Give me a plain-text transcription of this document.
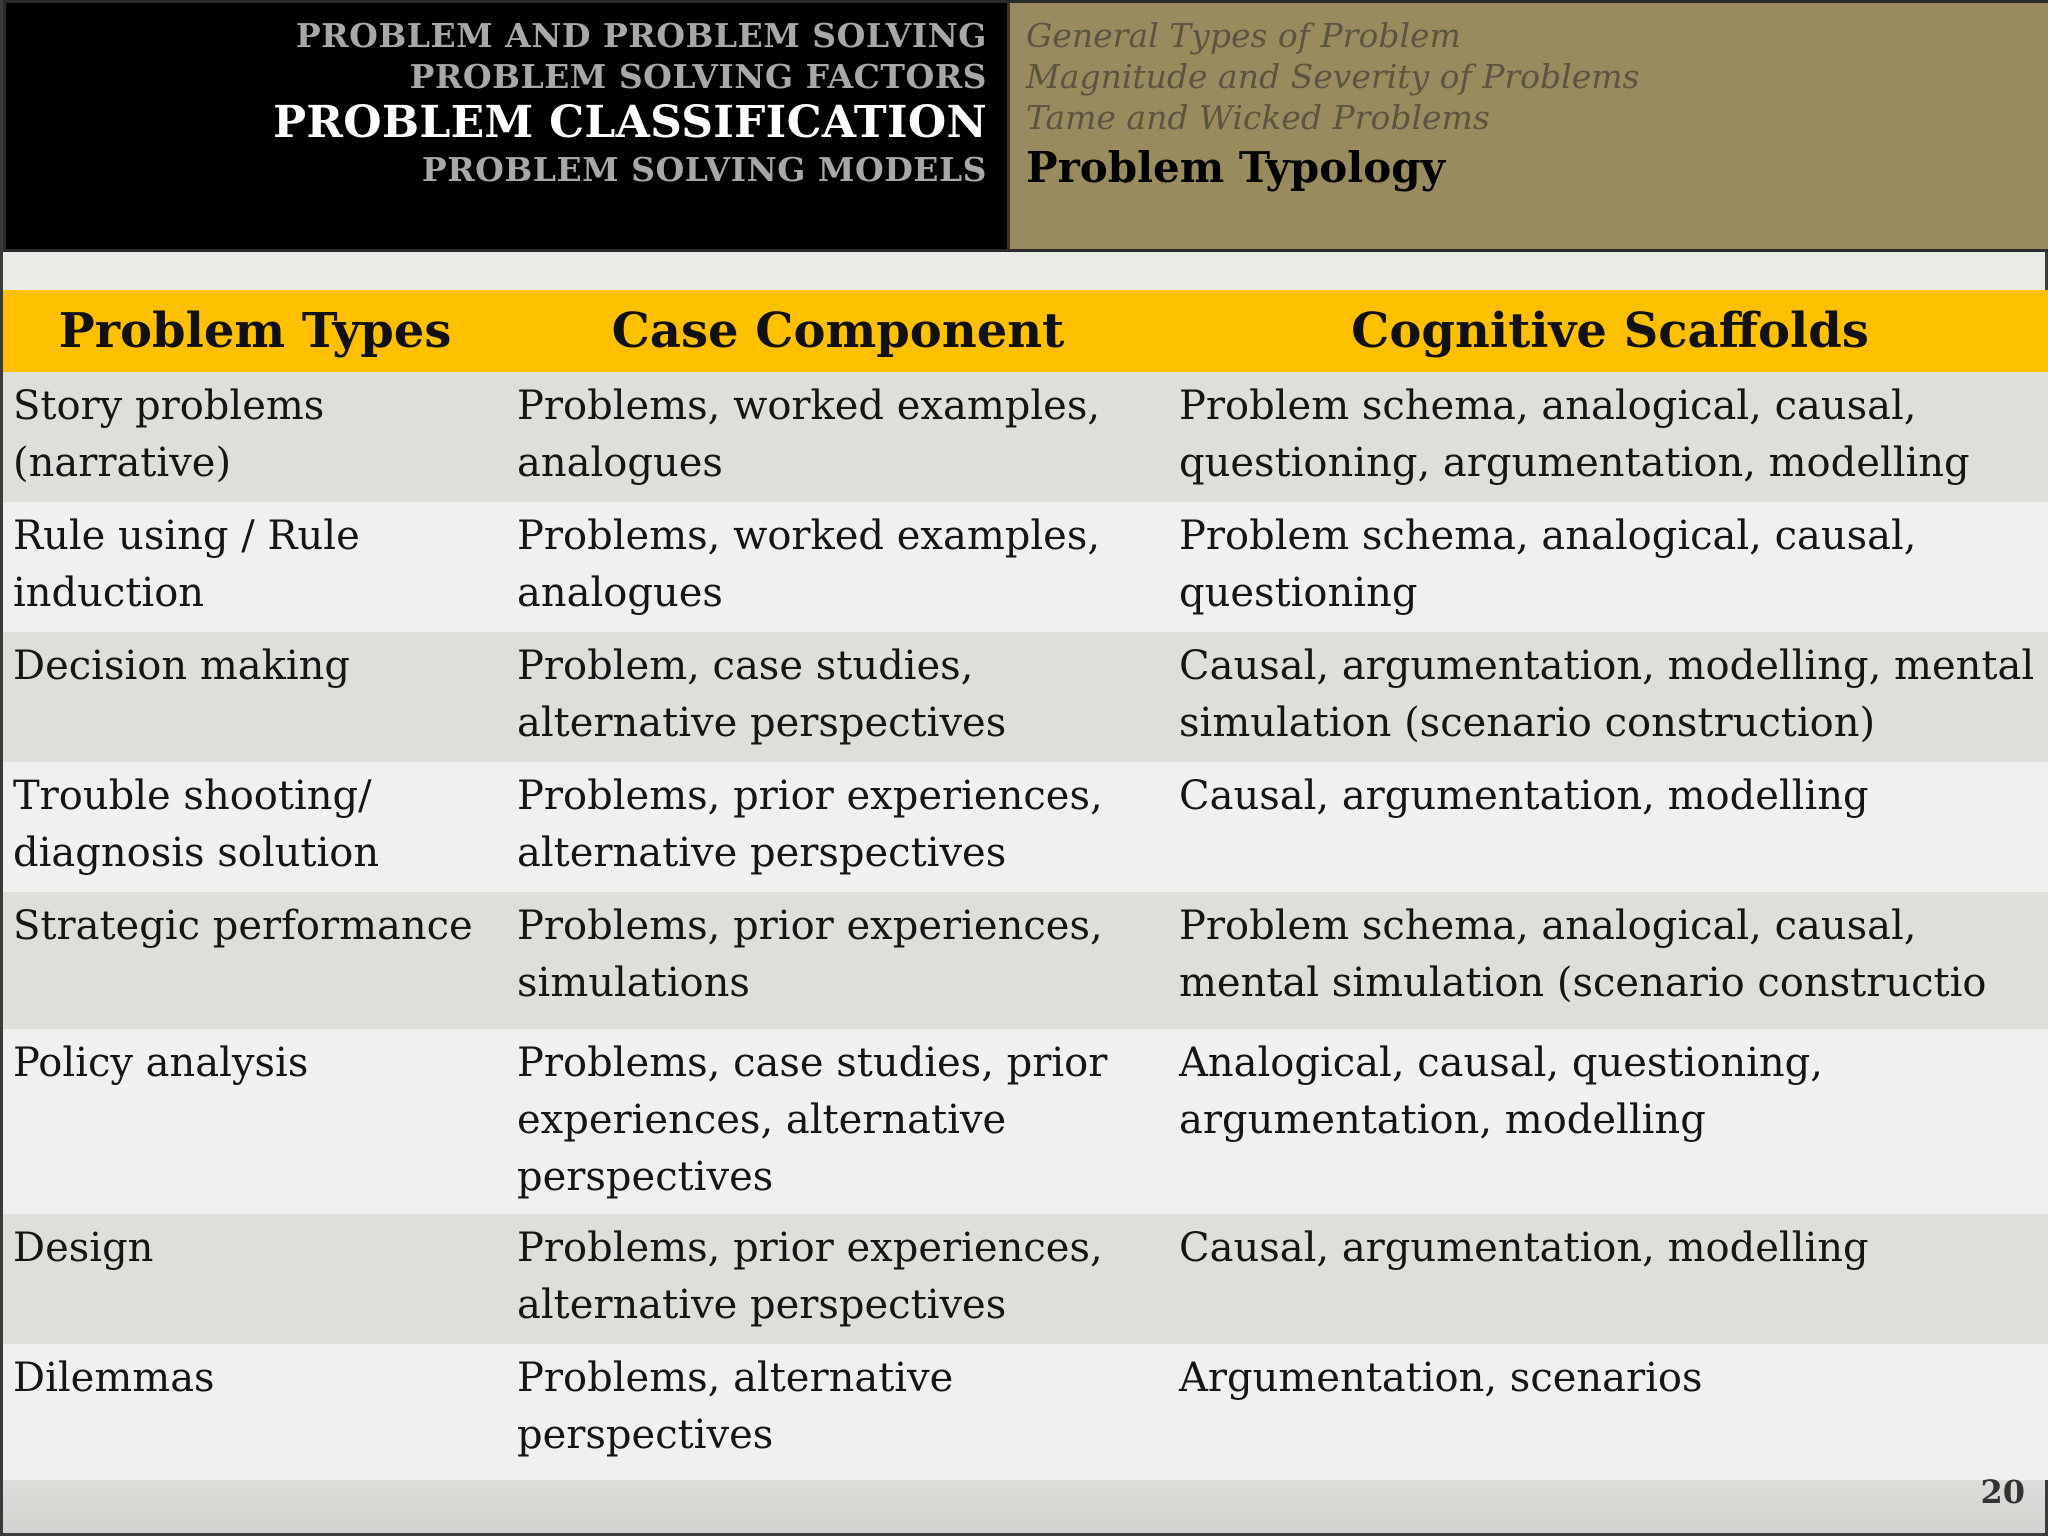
PROBLEM AND PROBLEM SOLVING
PROBLEM SOLVING FACTORS
PROBLEM CLASSIFICATION
PROBLEM SOLVING MODELS
General Types of Problem
Magnitude and Severity of Problems
Tame and Wicked Problems
Problem Typology
Problem Types	Case Component	Cognitive Scaffolds
Story problems (narrative)	Problems, worked examples, analogues	Problem schema, analogical, causal, questioning, argumentation, modelling
Rule using / Rule induction	Problems, worked examples, analogues	Problem schema, analogical, causal, questioning
Decision making	Problem, case studies, alternative perspectives	Causal, argumentation, modelling, mental simulation (scenario construction)
Trouble shooting/ diagnosis solution	Problems, prior experiences, alternative perspectives	Causal, argumentation, modelling
Strategic performance	Problems, prior experiences, simulations	Problem schema, analogical, causal, mental simulation (scenario constructio
Policy analysis	Problems, case studies, prior experiences, alternative perspectives	Analogical, causal, questioning, argumentation, modelling
Design	Problems, prior experiences, alternative perspectives	Causal, argumentation, modelling
Dilemmas	Problems, alternative perspectives	Argumentation, scenarios
20
